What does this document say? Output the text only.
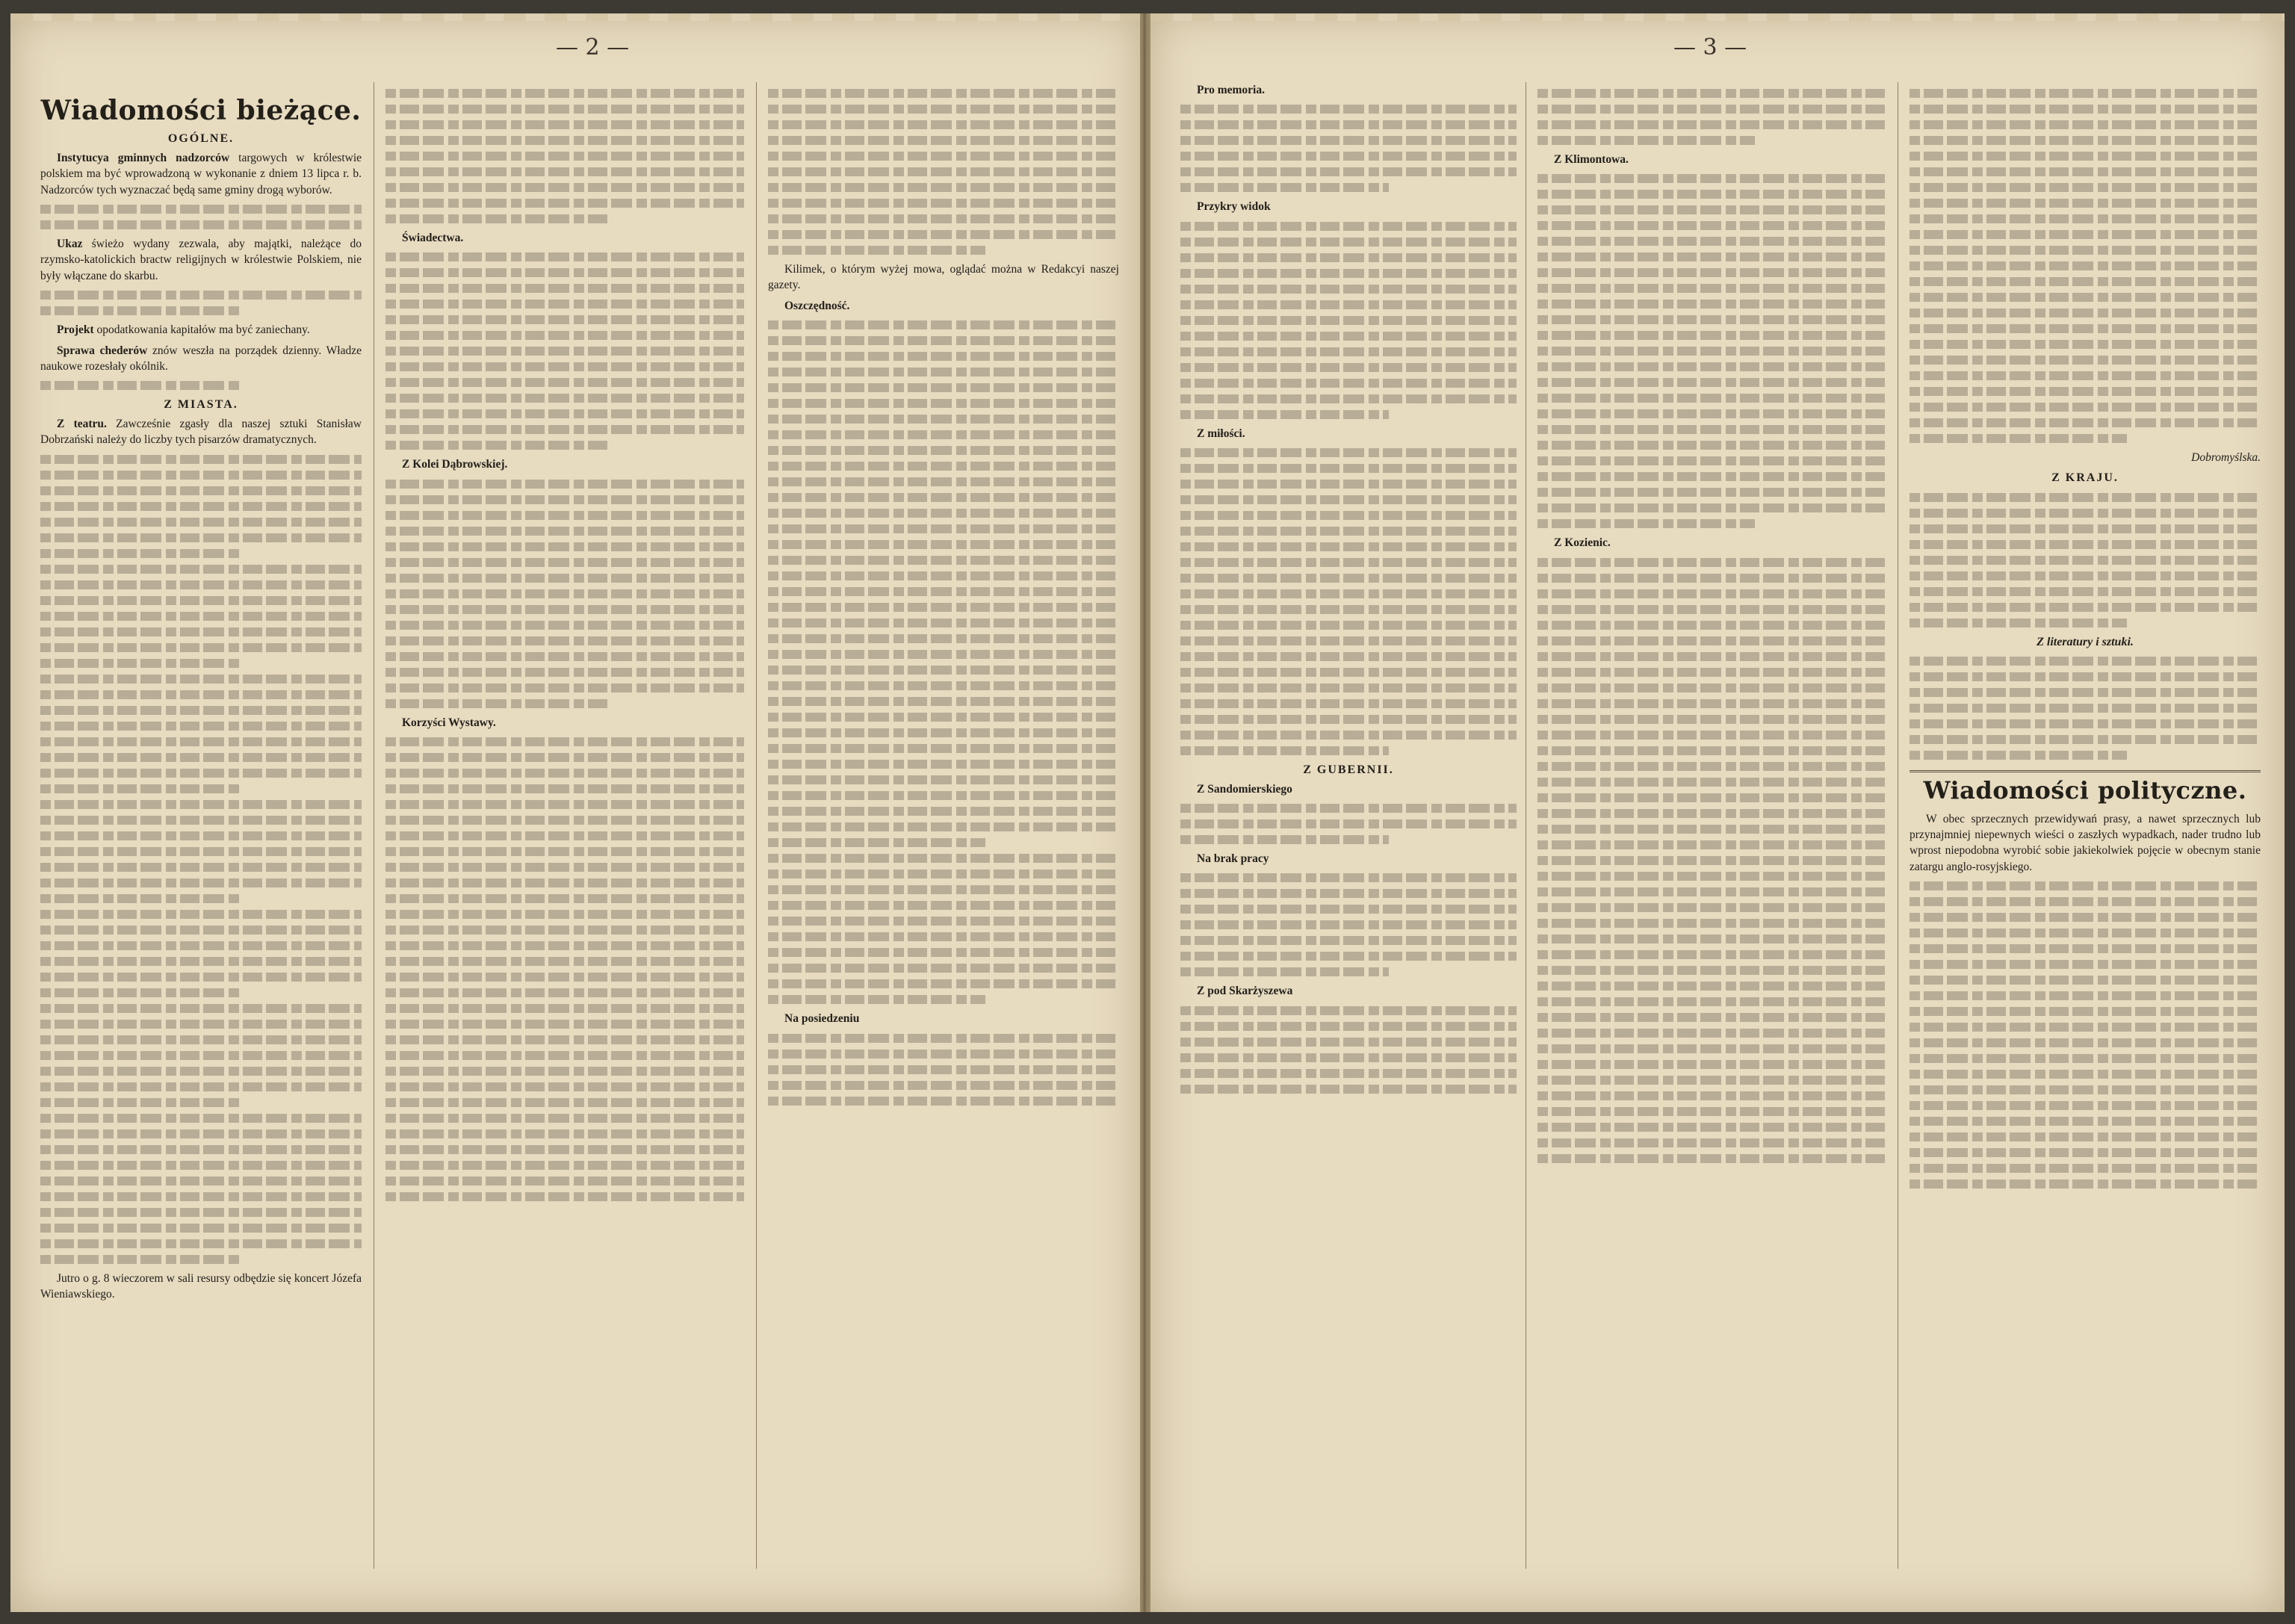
— 2 —
Wiadomości bieżące.
OGÓLNE.

Instytucya gminnych nadzorców targowych w królestwie polskiem ma być wprowadzoną w wykonanie z dniem 13 lipca r. b. Nadzorców tych wyznaczać będą same gminy drogą wyborów.

Ukaz świeżo wydany zezwala, aby majątki, należące do rzymsko-katolickich bractw religijnych w królestwie Polskiem, nie były włączane do skarbu.

Projekt opodatkowania kapitałów ma być zaniechany.

Sprawa chederów znów weszła na porządek dzienny. Władze naukowe rozesłały okólnik.

Z MIASTA.

Z teatru. Zawcześnie zgasły dla naszej sztuki Stanisław Dobrzański należy do liczby tych pisarzów dramatycznych.

Jutro o g. 8 wieczorem w sali resursy odbędzie się koncert Józefa Wieniawskiego.

Świadectwa.

Z Kolei Dąbrowskiej.

Korzyści Wystawy.

Kilimek, o którym wyżej mowa, oglądać można w Redakcyi naszej gazety.

Oszczędność.

Na posiedzeniu

— 3 —

Pro memoria.

Przykry widok

Z miłości.

Z GUBERNII.

Z Sandomierskiego

Na brak pracy

Z pod Skarżyszewa

Z Klimontowa.

Z Kozienic.

Dobromyślska.
Z KRAJU.
Z literatury i sztuki.
Wiadomości polityczne.

W obec sprzecznych przewidywań prasy, a nawet sprzecznych lub przynajmniej niepewnych wieści o zaszłych wypadkach, nader trudno lub wprost niepodobna wyrobić sobie jakiekolwiek pojęcie w obecnym stanie zatargu anglo-rosyjskiego.
